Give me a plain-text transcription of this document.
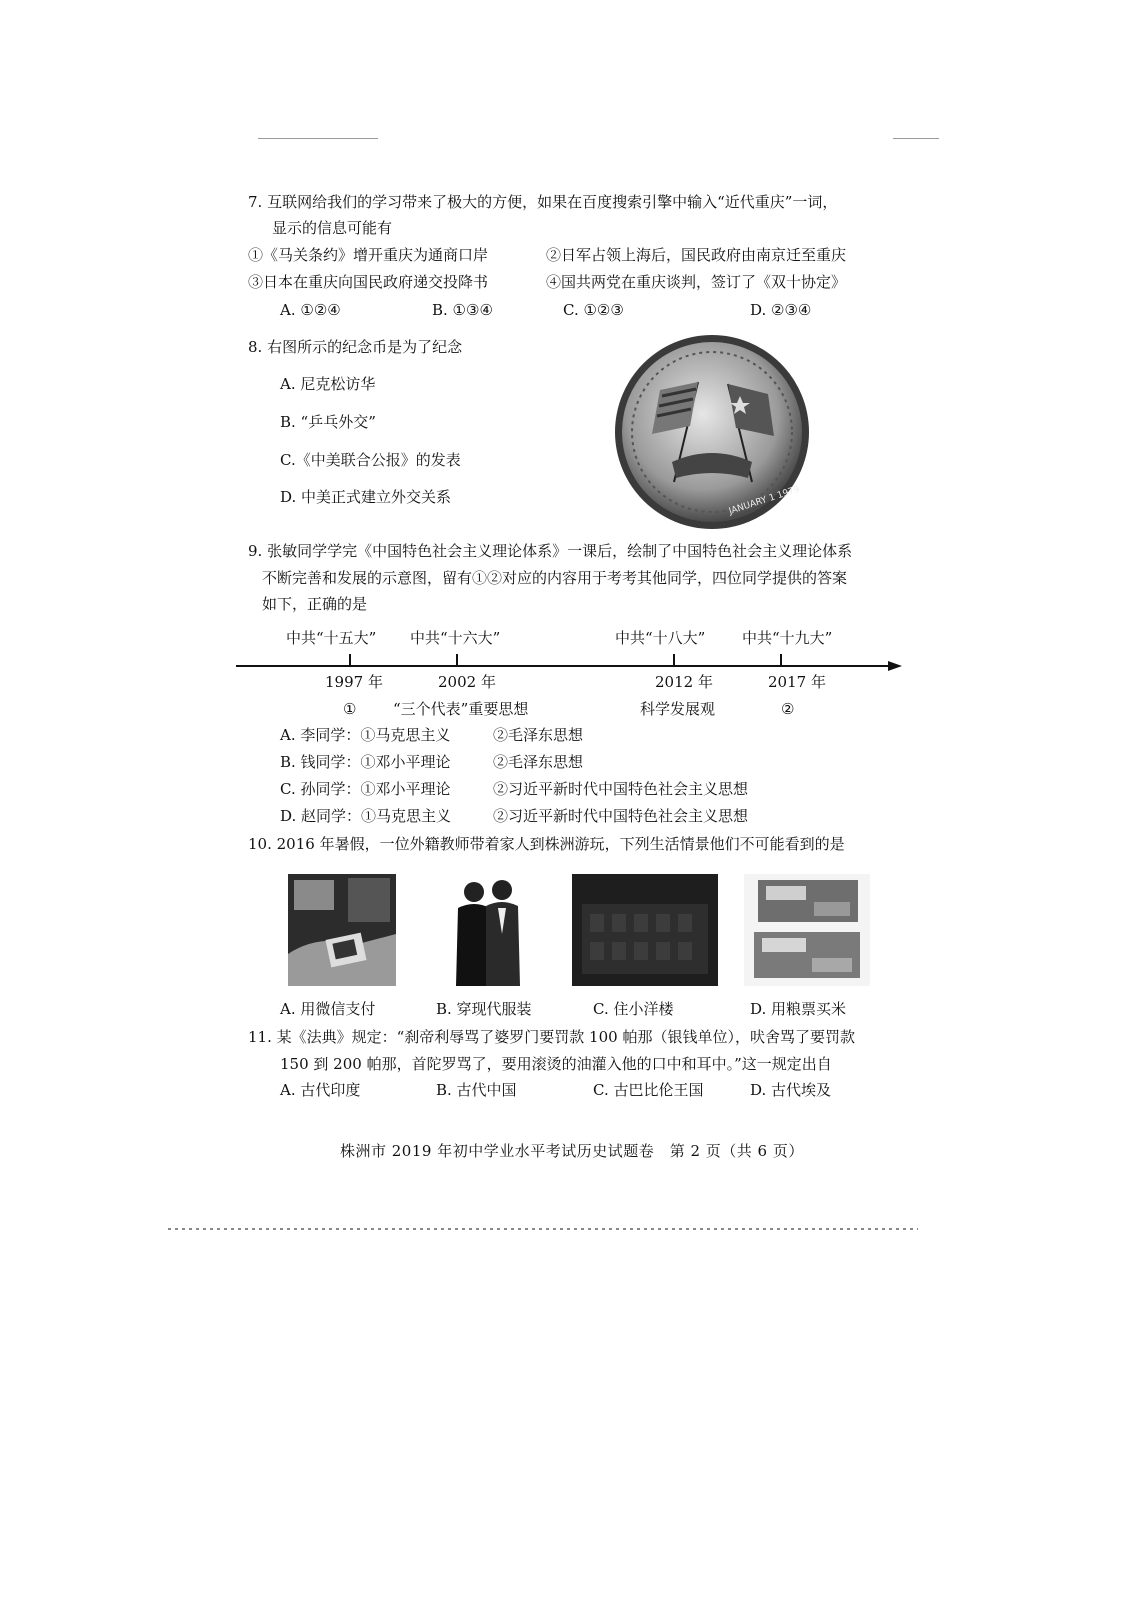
7. 互联网给我们的学习带来了极大的方便，如果在百度搜索引擎中输入“近代重庆”一词，
显示的信息可能有
①《马关条约》增开重庆为通商口岸	②日军占领上海后，国民政府由南京迁至重庆
③日本在重庆向国民政府递交投降书	④国共两党在重庆谈判，签订了《双十协定》
A. ①②④	B. ①③④	C. ①②③	D. ②③④
8. 右图所示的纪念币是为了纪念
A. 尼克松访华
B. “乒乓外交”
C.《中美联合公报》的发表
D. 中美正式建立外交关系	JANUARY 1 1979
9. 张敏同学学完《中国特色社会主义理论体系》一课后，绘制了中国特色社会主义理论体系
不断完善和发展的示意图，留有①②对应的内容用于考考其他同学，四位同学提供的答案
如下，正确的是
中共“十五大” 中共“十六大”	中共“十八大” 中共“十九大”
1997 年	2002 年	2012 年	2017 年
① “三个代表”重要思想	科学发展观	②
A. 李同学：①马克思主义	②毛泽东思想
B. 钱同学：①邓小平理论	②毛泽东思想
C. 孙同学：①邓小平理论	②习近平新时代中国特色社会主义思想
D. 赵同学：①马克思主义	②习近平新时代中国特色社会主义思想
10. 2016 年暑假，一位外籍教师带着家人到株洲游玩，下列生活情景他们不可能看到的是
A. 用微信支付	B. 穿现代服装	C. 住小洋楼	D. 用粮票买米
11. 某《法典》规定：“刹帝利辱骂了婆罗门要罚款 100 帕那（银钱单位），吠舍骂了要罚款
150 到 200 帕那，首陀罗骂了，要用滚烫的油灌入他的口中和耳中。”这一规定出自
A. 古代印度	B. 古代中国	C. 古巴比伦王国	D. 古代埃及
株洲市 2019 年初中学业水平考试历史试题卷　第 2 页（共 6 页）
